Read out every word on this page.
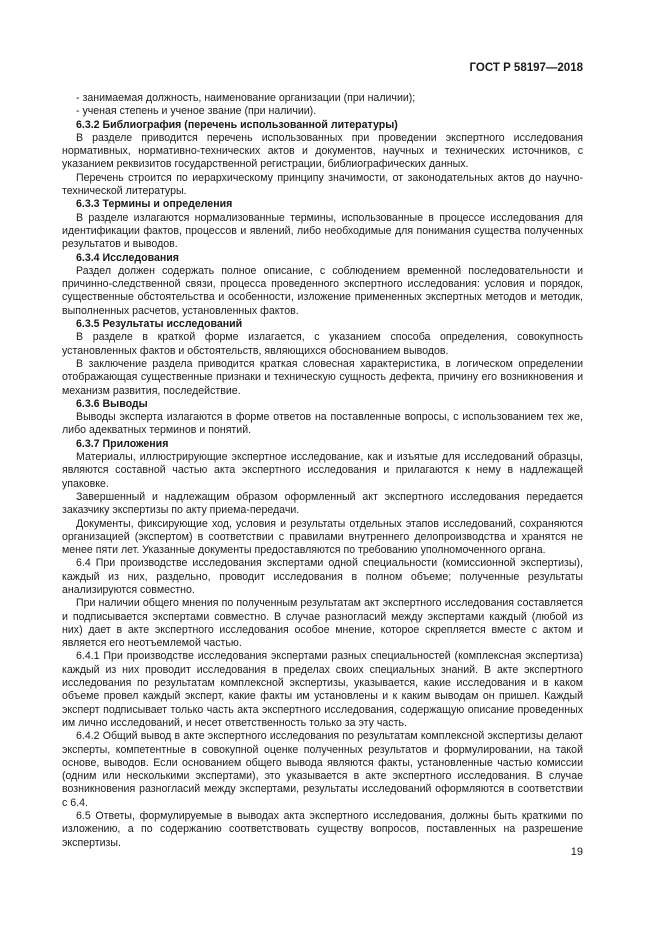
ГОСТ Р 58197—2018

- занимаемая должность, наименование организации (при наличии);

- ученая степень и ученое звание (при наличии).

6.3.2 Библиография (перечень использованной литературы)

В разделе приводится перечень использованных при проведении экспертного исследования нормативных, нормативно-технических актов и документов, научных и технических источников, с указанием реквизитов государственной регистрации, библиографических данных.

Перечень строится по иерархическому принципу значимости, от законодательных актов до научно-технической литературы.

6.3.3 Термины и определения

В разделе излагаются нормализованные термины, использованные в процессе исследования для идентификации фактов, процессов и явлений, либо необходимые для понимания существа полученных результатов и выводов.

6.3.4 Исследования

Раздел должен содержать полное описание, с соблюдением временной последовательности и причинно-следственной связи, процесса проведенного экспертного исследования: условия и порядок, существенные обстоятельства и особенности, изложение примененных экспертных методов и методик, выполненных расчетов, установленных фактов.

6.3.5 Результаты исследований

В разделе в краткой форме излагается, с указанием способа определения, совокупность установленных фактов и обстоятельств, являющихся обоснованием выводов.

В заключение раздела приводится краткая словесная характеристика, в логическом определении отображающая существенные признаки и техническую сущность дефекта, причину его возникновения и механизм развития, последействие.

6.3.6 Выводы

Выводы эксперта излагаются в форме ответов на поставленные вопросы, с использованием тех же, либо адекватных терминов и понятий.

6.3.7 Приложения

Материалы, иллюстрирующие экспертное исследование, как и изъятые для исследований образцы, являются составной частью акта экспертного исследования и прилагаются к нему в надлежащей упаковке.

Завершенный и надлежащим образом оформленный акт экспертного исследования передается заказчику экспертизы по акту приема-передачи.

Документы, фиксирующие ход, условия и результаты отдельных этапов исследований, сохраняются организацией (экспертом) в соответствии с правилами внутреннего делопроизводства и хранятся не менее пяти лет. Указанные документы предоставляются по требованию уполномоченного органа.

6.4 При производстве исследования экспертами одной специальности (комиссионной экспертизы), каждый из них, раздельно, проводит исследования в полном объеме; полученные результаты анализируются совместно.

При наличии общего мнения по полученным результатам акт экспертного исследования составляется и подписывается экспертами совместно. В случае разногласий между экспертами каждый (любой из них) дает в акте экспертного исследования особое мнение, которое скрепляется вместе с актом и является его неотъемлемой частью.

6.4.1 При производстве исследования экспертами разных специальностей (комплексная экспертиза) каждый из них проводит исследования в пределах своих специальных знаний. В акте экспертного исследования по результатам комплексной экспертизы, указывается, какие исследования и в каком объеме провел каждый эксперт, какие факты им установлены и к каким выводам он пришел. Каждый эксперт подписывает только часть акта экспертного исследования, содержащую описание проведенных им лично исследований, и несет ответственность только за эту часть.

6.4.2 Общий вывод в акте экспертного исследования по результатам комплексной экспертизы делают эксперты, компетентные в совокупной оценке полученных результатов и формулировании, на такой основе, выводов. Если основанием общего вывода являются факты, установленные частью комиссии (одним или несколькими экспертами), это указывается в акте экспертного исследования. В случае возникновения разногласий между экспертами, результаты исследований оформляются в соответствии с 6.4.

6.5 Ответы, формулируемые в выводах акта экспертного исследования, должны быть краткими по изложению, а по содержанию соответствовать существу вопросов, поставленных на разрешение экспертизы.

19
